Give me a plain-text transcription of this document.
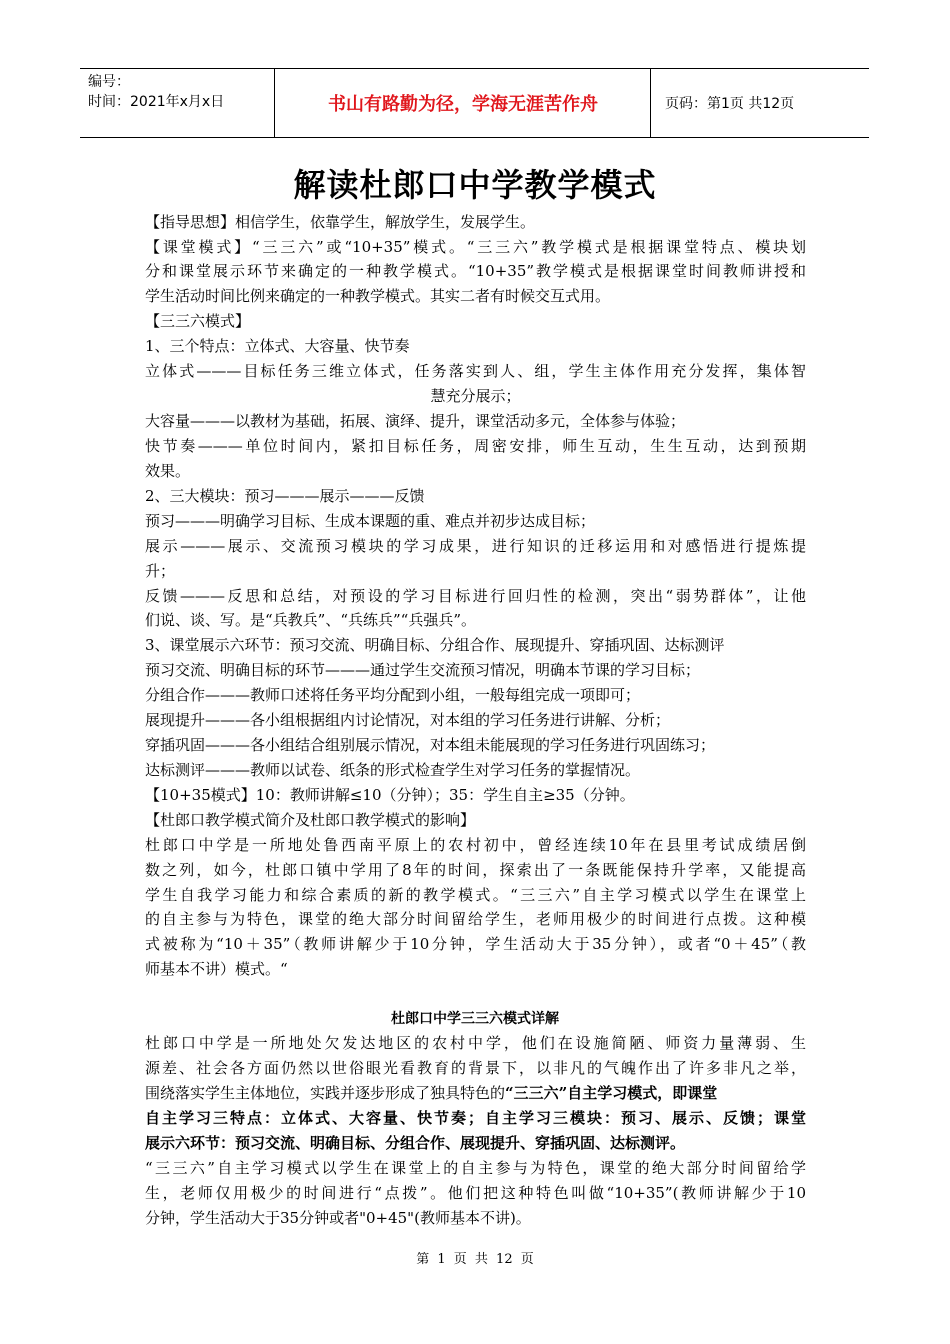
编号：
时间：2021年x月x日	书山有路勤为径，学海无涯苦作舟	页码：第1页 共12页
解读杜郎口中学教学模式
【指导思想】相信学生，依靠学生，解放学生，发展学生。
【课堂模式】“三三六”或“10+35”模式。“三三六”教学模式是根据课堂特点、模块划
分和课堂展示环节来确定的一种教学模式。“10+35”教学模式是根据课堂时间教师讲授和
学生活动时间比例来确定的一种教学模式。其实二者有时候交互式用。
【三三六模式】
1、三个特点：立体式、大容量、快节奏
立体式———目标任务三维立体式，任务落实到人、组，学生主体作用充分发挥，集体智
慧充分展示；
大容量———以教材为基础，拓展、演绎、提升，课堂活动多元，全体参与体验；
快节奏———单位时间内，紧扣目标任务，周密安排，师生互动，生生互动，达到预期
效果。
2、三大模块：预习———展示———反馈
预习———明确学习目标、生成本课题的重、难点并初步达成目标；
展示———展示、交流预习模块的学习成果，进行知识的迁移运用和对感悟进行提炼提
升；
反馈———反思和总结，对预设的学习目标进行回归性的检测，突出“弱势群体”，让他
们说、谈、写。是“兵教兵”、“兵练兵”“兵强兵”。
3、课堂展示六环节：预习交流、明确目标、分组合作、展现提升、穿插巩固、达标测评
预习交流、明确目标的环节———通过学生交流预习情况，明确本节课的学习目标；
分组合作———教师口述将任务平均分配到小组，一般每组完成一项即可；
展现提升———各小组根据组内讨论情况，对本组的学习任务进行讲解、分析；
穿插巩固———各小组结合组别展示情况，对本组未能展现的学习任务进行巩固练习；
达标测评———教师以试卷、纸条的形式检查学生对学习任务的掌握情况。
【10+35模式】10：教师讲解≤10（分钟）；35：学生自主≥35（分钟。
【杜郎口教学模式简介及杜郎口教学模式的影响】
杜郎口中学是一所地处鲁西南平原上的农村初中，曾经连续10年在县里考试成绩居倒
数之列，如今，杜郎口镇中学用了8年的时间，探索出了一条既能保持升学率，又能提高
学生自我学习能力和综合素质的新的教学模式。“三三六”自主学习模式以学生在课堂上
的自主参与为特色，课堂的绝大部分时间留给学生，老师用极少的时间进行点拨。这种模
式被称为“10＋35”（教师讲解少于10分钟，学生活动大于35分钟），或者“0＋45”（教
师基本不讲）模式。“
杜郎口中学三三六模式详解
杜郎口中学是一所地处欠发达地区的农村中学，他们在设施简陋、师资力量薄弱、生
源差、社会各方面仍然以世俗眼光看教育的背景下，以非凡的气魄作出了许多非凡之举，
围绕落实学生主体地位，实践并逐步形成了独具特色的“三三六”自主学习模式，即课堂
自主学习三特点：立体式、大容量、快节奏；自主学习三模块：预习、展示、反馈；课堂
展示六环节：预习交流、明确目标、分组合作、展现提升、穿插巩固、达标测评。
“三三六”自主学习模式以学生在课堂上的自主参与为特色，课堂的绝大部分时间留给学
生，老师仅用极少的时间进行“点拨”。他们把这种特色叫做“10+35”(教师讲解少于10
分钟，学生活动大于35分钟或者"0+45"(教师基本不讲)。
第 1 页 共 12 页
